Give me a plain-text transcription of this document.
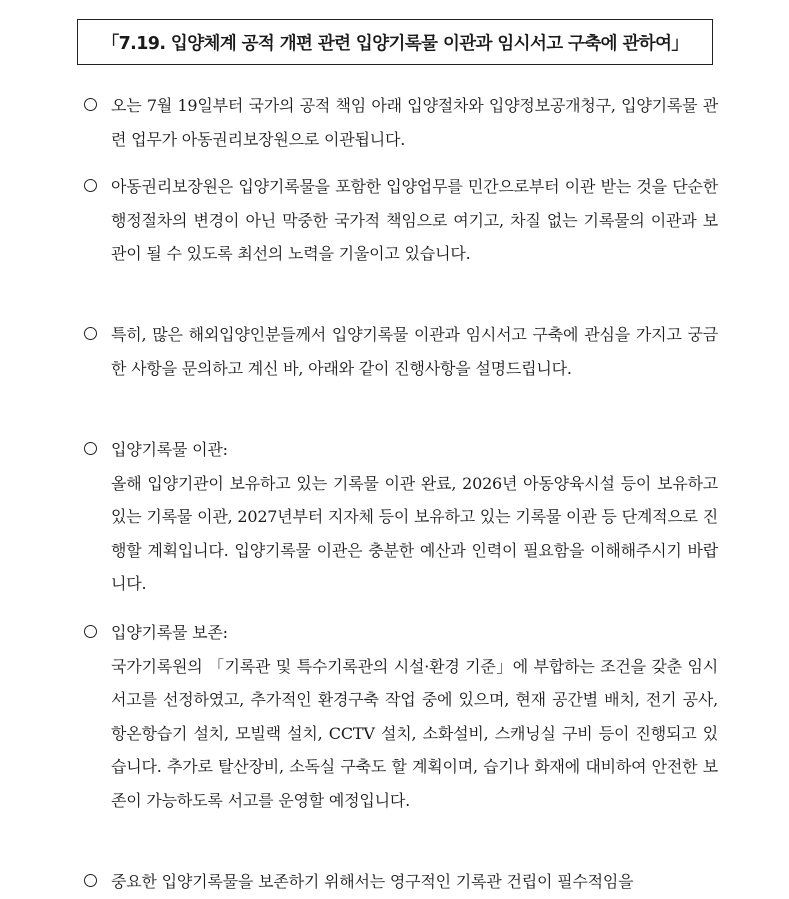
「7.19. 입양체계 공적 개편 관련 입양기록물 이관과 임시서고 구축에 관하여」
오는 7월 19일부터 국가의 공적 책임 아래 입양절차와 입양정보공개청구, 입양기록물 관련 업무가 아동권리보장원으로 이관됩니다.
아동권리보장원은 입양기록물을 포함한 입양업무를 민간으로부터 이관 받는 것을 단순한 행정절차의 변경이 아닌 막중한 국가적 책임으로 여기고, 차질 없는 기록물의 이관과 보관이 될 수 있도록 최선의 노력을 기울이고 있습니다.
특히, 많은 해외입양인분들께서 입양기록물 이관과 임시서고 구축에 관심을 가지고 궁금한 사항을 문의하고 계신 바, 아래와 같이 진행사항을 설명드립니다.
입양기록물 이관:
올해 입양기관이 보유하고 있는 기록물 이관 완료, 2026년 아동양육시설 등이 보유하고 있는 기록물 이관, 2027년부터 지자체 등이 보유하고 있는 기록물 이관 등 단계적으로 진행할 계획입니다. 입양기록물 이관은 충분한 예산과 인력이 필요함을 이해해주시기 바랍니다.
입양기록물 보존:
국가기록원의 「기록관 및 특수기록관의 시설·환경 기준」에 부합하는 조건을 갖춘 임시서고를 선정하였고, 추가적인 환경구축 작업 중에 있으며, 현재 공간별 배치, 전기 공사, 항온항습기 설치, 모빌랙 설치, CCTV 설치, 소화설비, 스캐닝실 구비 등이 진행되고 있습니다. 추가로 탈산장비, 소독실 구축도 할 계획이며, 습기나 화재에 대비하여 안전한 보존이 가능하도록 서고를 운영할 예정입니다.
중요한 입양기록물을 보존하기 위해서는 영구적인 기록관 건립이 필수적임을
